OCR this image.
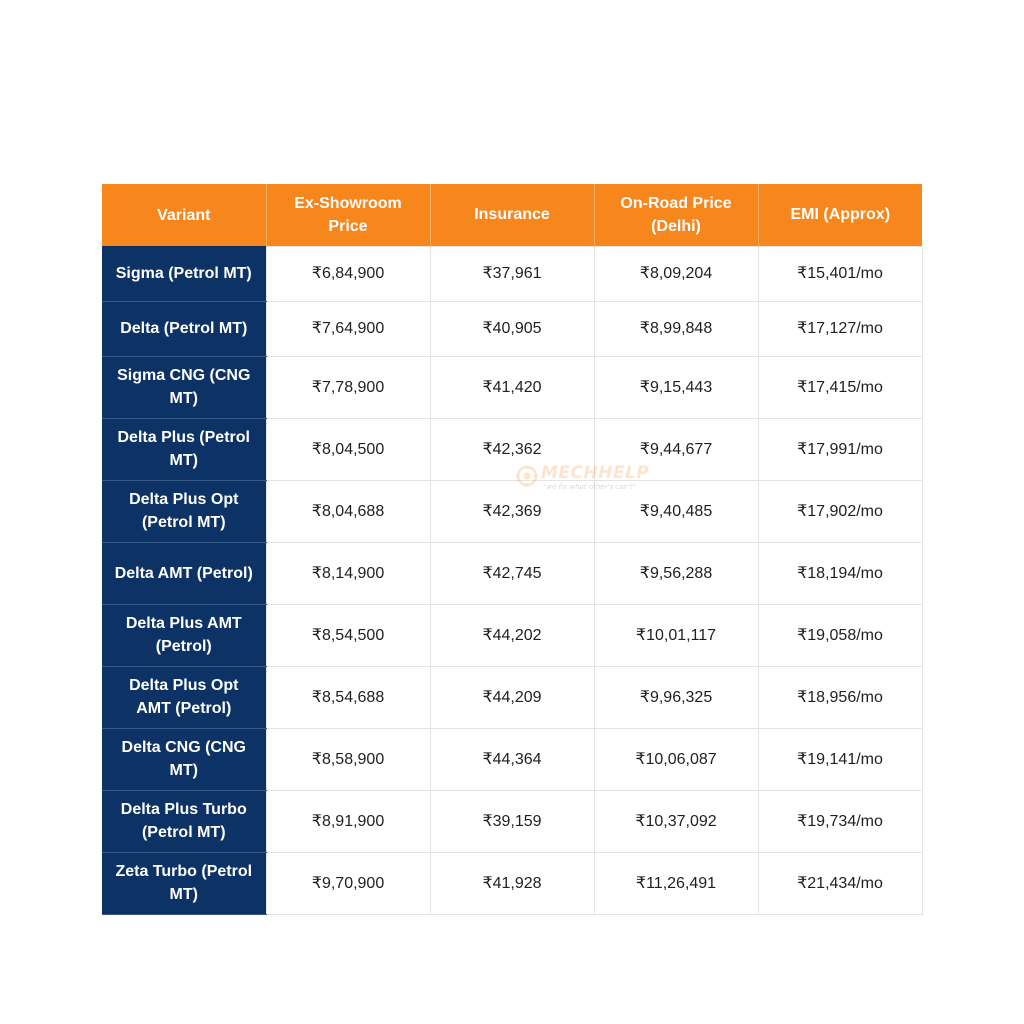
Variant	Ex-Showroom Price	Insurance	On-Road Price (Delhi)	EMI (Approx)
Sigma (Petrol MT)	₹6,84,900	₹37,961	₹8,09,204	₹15,401/mo
Delta (Petrol MT)	₹7,64,900	₹40,905	₹8,99,848	₹17,127/mo
Sigma CNG (CNG MT)	₹7,78,900	₹41,420	₹9,15,443	₹17,415/mo
Delta Plus (Petrol MT)	₹8,04,500	₹42,362	₹9,44,677	₹17,991/mo
Delta Plus Opt (Petrol MT)	₹8,04,688	₹42,369	₹9,40,485	₹17,902/mo
Delta AMT (Petrol)	₹8,14,900	₹42,745	₹9,56,288	₹18,194/mo
Delta Plus AMT (Petrol)	₹8,54,500	₹44,202	₹10,01,117	₹19,058/mo
Delta Plus Opt AMT (Petrol)	₹8,54,688	₹44,209	₹9,96,325	₹18,956/mo
Delta CNG (CNG MT)	₹8,58,900	₹44,364	₹10,06,087	₹19,141/mo
Delta Plus Turbo (Petrol MT)	₹8,91,900	₹39,159	₹10,37,092	₹19,734/mo
Zeta Turbo (Petrol MT)	₹9,70,900	₹41,928	₹11,26,491	₹21,434/mo
MECHHELP
"we fix what other's can't"
